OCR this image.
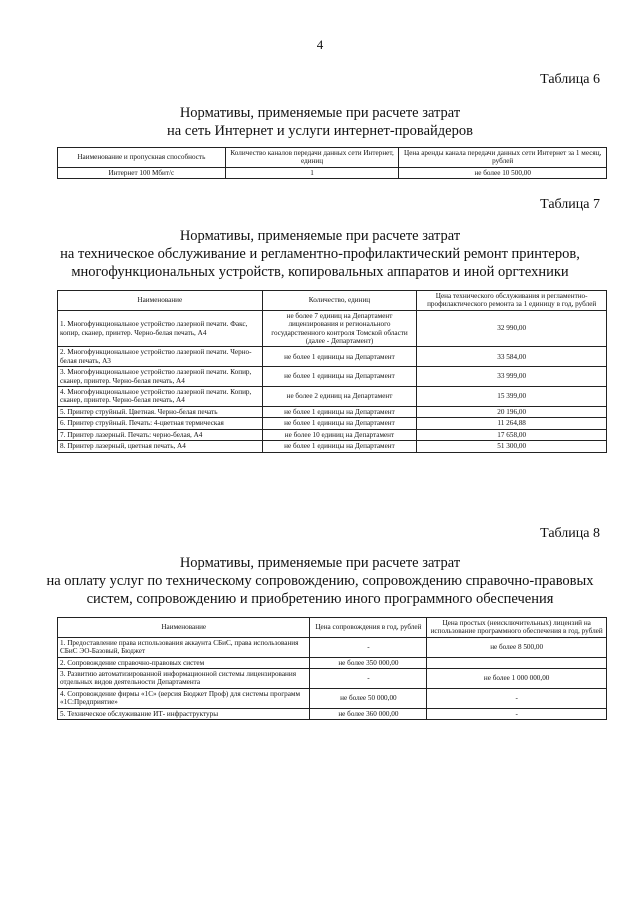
4
Таблица 6
Нормативы, применяемые при расчете затрат
на сеть Интернет и услуги интернет-провайдеров
Наименование и пропускная способность	Количество каналов передачи данных сети Интернет, единиц	Цена аренды канала передачи данных сети Интернет за 1 месяц, рублей
Интернет 100 Мбит/с	1	не более 10 500,00
Таблица 7
Нормативы, применяемые при расчете затрат
на техническое обслуживание и регламентно-профилактический ремонт принтеров,
многофункциональных устройств, копировальных аппаратов и иной оргтехники
Наименование	Количество, единиц	Цена технического обслуживания и регламентно-профилактического ремонта за 1 единицу в год, рублей
1. Многофункциональное устройство лазерной печати. Факс, копир, сканер, принтер. Черно-белая печать, А4	не более 7 единиц на Департамент лицензирования и регионального государственного контроля Томской области (далее - Департамент)	32 990,00
2. Многофункциональное устройство лазерной печати. Черно-белая печать, А3	не более 1 единицы на Департамент	33 584,00
3. Многофункциональное устройство лазерной печати. Копир, сканер, принтер. Черно-белая печать, А4	не более 1 единицы на Департамент	33 999,00
4. Многофункциональное устройство лазерной печати. Копир, сканер, принтер. Черно-белая печать, А4	не более 2 единиц на Департамент	15 399,00
5. Принтер струйный. Цветная. Черно-белая печать	не более 1 единицы на Департамент	20 196,00
6. Принтер струйный. Печать: 4-цветная термическая	не более 1 единицы на Департамент	11 264,88
7. Принтер лазерный. Печать: черно-белая, А4	не более 10 единиц на Департамент	17 658,00
8. Принтер лазерный, цветная печать, А4	не более 1 единицы на Департамент	51 300,00
Таблица 8
Нормативы, применяемые при расчете затрат
на оплату услуг по техническому сопровождению, сопровождению справочно-правовых
систем, сопровождению и приобретению иного программного обеспечения
Наименование	Цена сопровождения в год, рублей	Цена простых (неисключительных) лицензий на использование программного обеспечения в год, рублей
1. Предоставление права использования аккаунта СБиС, права использования СБиС ЭО-Базовый, Бюджет	-	не более 8 500,00
2. Сопровождение справочно-правовых систем	не более 350 000,00	
3. Развитию автоматизированной информационной системы лицензирования отдельных видов деятельности Департамента	-	не более 1 000 000,00
4. Сопровождение фирмы «1С» (версия Бюджет Проф) для системы программ «1С:Предприятие»	не более 50 000,00	-
5. Техническое обслуживание ИТ- инфраструктуры	не более 360 000,00	-
